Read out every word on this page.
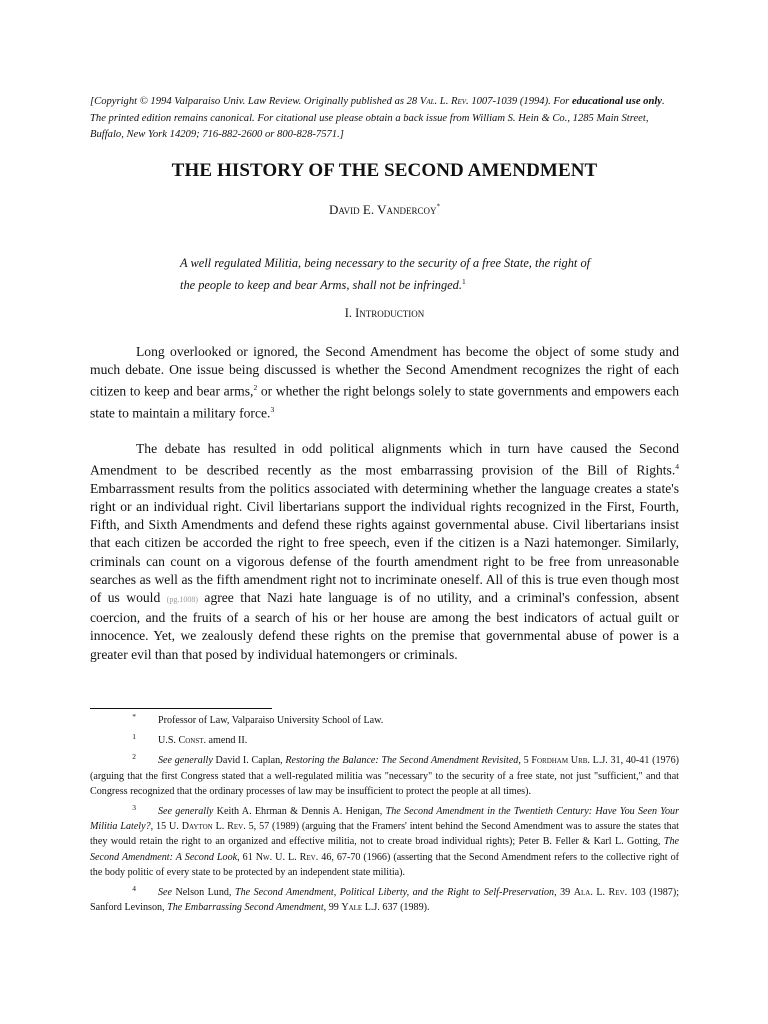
[Copyright © 1994 Valparaiso Univ. Law Review. Originally published as 28 Val. L. Rev. 1007-1039 (1994). For educational use only. The printed edition remains canonical. For citational use please obtain a back issue from William S. Hein & Co., 1285 Main Street, Buffalo, New York 14209; 716-882-2600 or 800-828-7571.]
THE HISTORY OF THE SECOND AMENDMENT
David E. Vandercoy*
A well regulated Militia, being necessary to the security of a free State, the right of the people to keep and bear Arms, shall not be infringed.$^1$
I. Introduction

Long overlooked or ignored, the Second Amendment has become the object of some study and much debate. One issue being discussed is whether the Second Amendment recognizes the right of each citizen to keep and bear arms,$^2$ or whether the right belongs solely to state governments and empowers each state to maintain a military force.$^3$

The debate has resulted in odd political alignments which in turn have caused the Second Amendment to be described recently as the most embarrassing provision of the Bill of Rights.$^4$ Embarrassment results from the politics associated with determining whether the language creates a state's right or an individual right. Civil libertarians support the individual rights recognized in the First, Fourth, Fifth, and Sixth Amendments and defend these rights against governmental abuse. Civil libertarians insist that each citizen be accorded the right to free speech, even if the citizen is a Nazi hatemonger. Similarly, criminals can count on a vigorous defense of the fourth amendment right to be free from unreasonable searches as well as the fifth amendment right not to incriminate oneself. All of this is true even though most of us would (pg.1008) agree that Nazi hate language is of no utility, and a criminal's confession, absent coercion, and the fruits of a search of his or her house are among the best indicators of actual guilt or innocence. Yet, we zealously defend these rights on the premise that governmental abuse of power is a greater evil than that posed by individual hatemongers or criminals.

* Professor of Law, Valparaiso University School of Law.
1 U.S. Const. amend II.
2 See generally David I. Caplan, Restoring the Balance: The Second Amendment Revisited, 5 Fordham Urb. L.J. 31, 40-41 (1976) (arguing that the first Congress stated that a well-regulated militia was "necessary" to the security of a free state, not just "sufficient," and that Congress recognized that the ordinary processes of law may be insufficient to protect the people at all times).
3 See generally Keith A. Ehrman & Dennis A. Henigan, The Second Amendment in the Twentieth Century: Have You Seen Your Militia Lately?, 15 U. Dayton L. Rev. 5, 57 (1989) (arguing that the Framers' intent behind the Second Amendment was to assure the states that they would retain the right to an organized and effective militia, not to create broad individual rights); Peter B. Feller & Karl L. Gotting, The Second Amendment: A Second Look, 61 Nw. U. L. Rev. 46, 67-70 (1966) (asserting that the Second Amendment refers to the collective right of the body politic of every state to be protected by an independent state militia).
4 See Nelson Lund, The Second Amendment, Political Liberty, and the Right to Self-Preservation, 39 Ala. L. Rev. 103 (1987); Sanford Levinson, The Embarrassing Second Amendment, 99 Yale L.J. 637 (1989).
